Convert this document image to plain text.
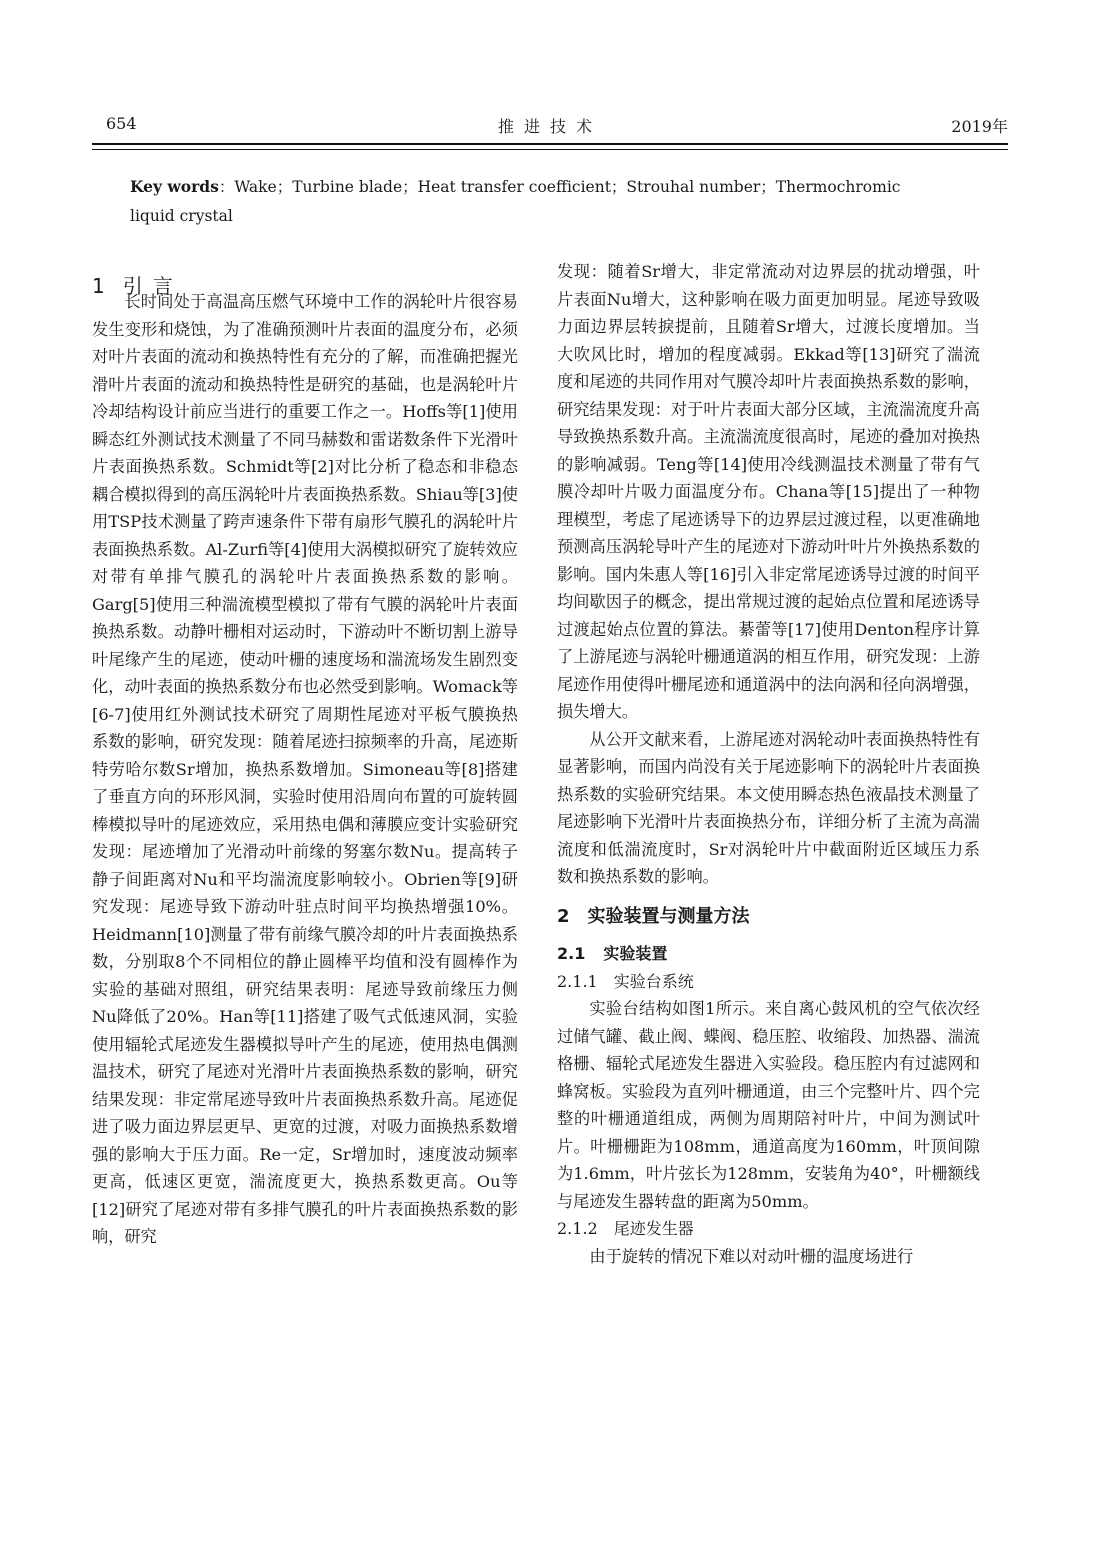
654	推进技术	2019年
Key words：Wake；Turbine blade；Heat transfer coefficient；Strouhal number；Thermochromic liquid crystal
1 引言

长时间处于高温高压燃气环境中工作的涡轮叶片很容易发生变形和烧蚀，为了准确预测叶片表面的温度分布，必须对叶片表面的流动和换热特性有充分的了解，而准确把握光滑叶片表面的流动和换热特性是研究的基础，也是涡轮叶片冷却结构设计前应当进行的重要工作之一。Hoffs等[1]使用瞬态红外测试技术测量了不同马赫数和雷诺数条件下光滑叶片表面换热系数。Schmidt等[2]对比分析了稳态和非稳态耦合模拟得到的高压涡轮叶片表面换热系数。Shiau等[3]使用TSP技术测量了跨声速条件下带有扇形气膜孔的涡轮叶片表面换热系数。Al-Zurfi等[4]使用大涡模拟研究了旋转效应对带有单排气膜孔的涡轮叶片表面换热系数的影响。Garg[5]使用三种湍流模型模拟了带有气膜的涡轮叶片表面换热系数。动静叶栅相对运动时，下游动叶不断切割上游导叶尾缘产生的尾迹，使动叶栅的速度场和湍流场发生剧烈变化，动叶表面的换热系数分布也必然受到影响。Womack等[6-7]使用红外测试技术研究了周期性尾迹对平板气膜换热系数的影响，研究发现：随着尾迹扫掠频率的升高，尾迹斯特劳哈尔数Sr增加，换热系数增加。Simoneau等[8]搭建了垂直方向的环形风洞，实验时使用沿周向布置的可旋转圆棒模拟导叶的尾迹效应，采用热电偶和薄膜应变计实验研究发现：尾迹增加了光滑动叶前缘的努塞尔数Nu。提高转子静子间距离对Nu和平均湍流度影响较小。Obrien等[9]研究发现：尾迹导致下游动叶驻点时间平均换热增强10%。Heidmann[10]测量了带有前缘气膜冷却的叶片表面换热系数，分别取8个不同相位的静止圆棒平均值和没有圆棒作为实验的基础对照组，研究结果表明：尾迹导致前缘压力侧Nu降低了20%。Han等[11]搭建了吸气式低速风洞，实验使用辐轮式尾迹发生器模拟导叶产生的尾迹，使用热电偶测温技术，研究了尾迹对光滑叶片表面换热系数的影响，研究结果发现：非定常尾迹导致叶片表面换热系数升高。尾迹促进了吸力面边界层更早、更宽的过渡，对吸力面换热系数增强的影响大于压力面。Re一定，Sr增加时，速度波动频率更高，低速区更宽，湍流度更大，换热系数更高。Ou等[12]研究了尾迹对带有多排气膜孔的叶片表面换热系数的影响，研究

发现：随着Sr增大，非定常流动对边界层的扰动增强，叶片表面Nu增大，这种影响在吸力面更加明显。尾迹导致吸力面边界层转捩提前，且随着Sr增大，过渡长度增加。当大吹风比时，增加的程度减弱。Ekkad等[13]研究了湍流度和尾迹的共同作用对气膜冷却叶片表面换热系数的影响，研究结果发现：对于叶片表面大部分区域，主流湍流度升高导致换热系数升高。主流湍流度很高时，尾迹的叠加对换热的影响减弱。Teng等[14]使用冷线测温技术测量了带有气膜冷却叶片吸力面温度分布。Chana等[15]提出了一种物理模型，考虑了尾迹诱导下的边界层过渡过程，以更准确地预测高压涡轮导叶产生的尾迹对下游动叶叶片外换热系数的影响。国内朱惠人等[16]引入非定常尾迹诱导过渡的时间平均间歇因子的概念，提出常规过渡的起始点位置和尾迹诱导过渡起始点位置的算法。綦蕾等[17]使用Denton程序计算了上游尾迹与涡轮叶栅通道涡的相互作用，研究发现：上游尾迹作用使得叶栅尾迹和通道涡中的法向涡和径向涡增强，损失增大。

从公开文献来看，上游尾迹对涡轮动叶表面换热特性有显著影响，而国内尚没有关于尾迹影响下的涡轮叶片表面换热系数的实验研究结果。本文使用瞬态热色液晶技术测量了尾迹影响下光滑叶片表面换热分布，详细分析了主流为高湍流度和低湍流度时，Sr对涡轮叶片中截面附近区域压力系数和换热系数的影响。

2 实验装置与测量方法
2.1 实验装置
2.1.1 实验台系统

实验台结构如图1所示。来自离心鼓风机的空气依次经过储气罐、截止阀、蝶阀、稳压腔、收缩段、加热器、湍流格栅、辐轮式尾迹发生器进入实验段。稳压腔内有过滤网和蜂窝板。实验段为直列叶栅通道，由三个完整叶片、四个完整的叶栅通道组成，两侧为周期陪衬叶片，中间为测试叶片。叶栅栅距为108mm，通道高度为160mm，叶顶间隙为1.6mm，叶片弦长为128mm，安装角为40°，叶栅额线与尾迹发生器转盘的距离为50mm。

2.1.2 尾迹发生器

由于旋转的情况下难以对动叶栅的温度场进行
